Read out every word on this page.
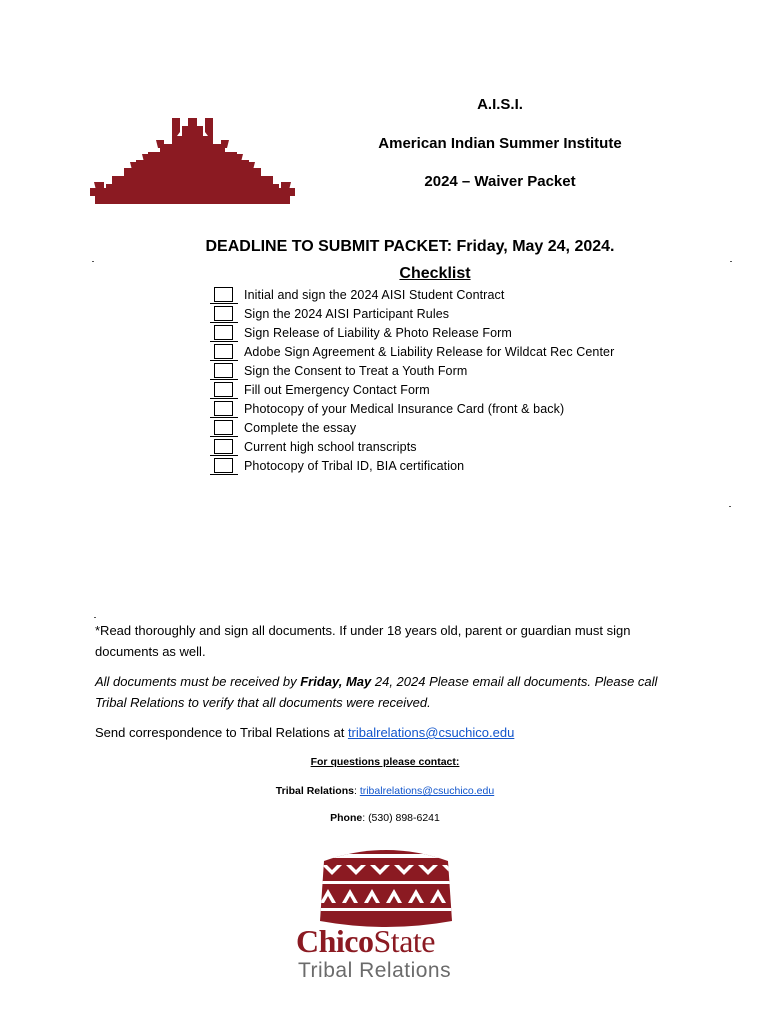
A.I.S.I.
American Indian Summer Institute
2024 – Waiver Packet
DEADLINE TO SUBMIT PACKET: Friday, May 24, 2024.
Checklist
Initial and sign the 2024 AISI Student Contract
Sign the 2024 AISI Participant Rules
Sign Release of Liability & Photo Release Form
Adobe Sign Agreement & Liability Release for Wildcat Rec Center
Sign the Consent to Treat a Youth Form
Fill out Emergency Contact Form
Photocopy of your Medical Insurance Card (front & back)
Complete the essay
Current high school transcripts
Photocopy of Tribal ID, BIA certification
*Read thoroughly and sign all documents. If under 18 years old, parent or guardian must sign documents as well.
All documents must be received by Friday, May 24, 2024 Please email all documents. Please call Tribal Relations to verify that all documents were received.
Send correspondence to Tribal Relations at tribalrelations@csuchico.edu
For questions please contact:
Tribal Relations: tribalrelations@csuchico.edu
Phone: (530) 898-6241
ChicoState
Tribal Relations
